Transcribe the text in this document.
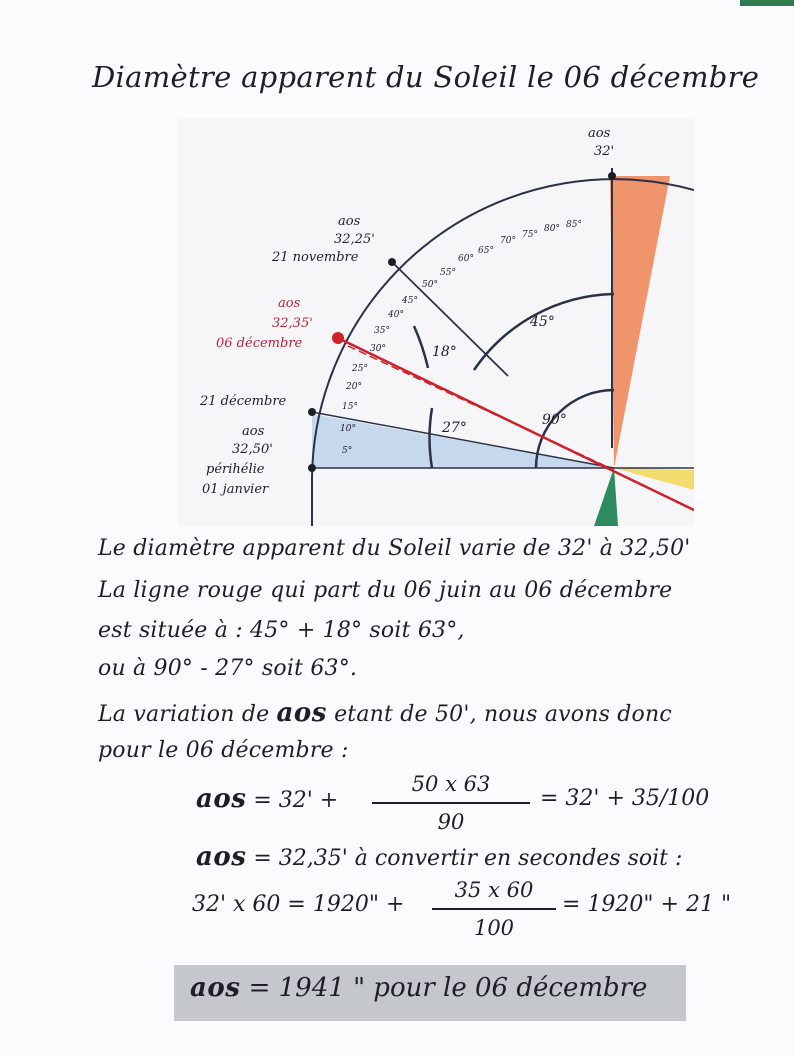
Diamètre apparent du Soleil le 06 décembre
aos
32'
aos
32,25'
21 novembre
aos
32,35'
06 décembre
21 décembre
aos
32,50'
périhélie
01 janvier
5°
10°
15°
20°
25°
30°
35°
40°
45°
50°
55°
60°
65°
70°
75°
80° 85°
18°
45°
27°	90°
Le diamètre apparent du Soleil varie de 32' à 32,50'
La ligne rouge qui part du 06 juin au 06 décembre
est située à : 45° + 18° soit 63°,
ou à 90° - 27° soit 63°.
La variation de aos etant de 50', nous avons donc
pour le 06 décembre :
aos = 32' +
50 x 63
90
= 32' + 35/100
aos = 32,35' à convertir en secondes soit :
32' x 60 = 1920" +
35 x 60
100
= 1920" + 21 "
aos = 1941 " pour le 06 décembre
